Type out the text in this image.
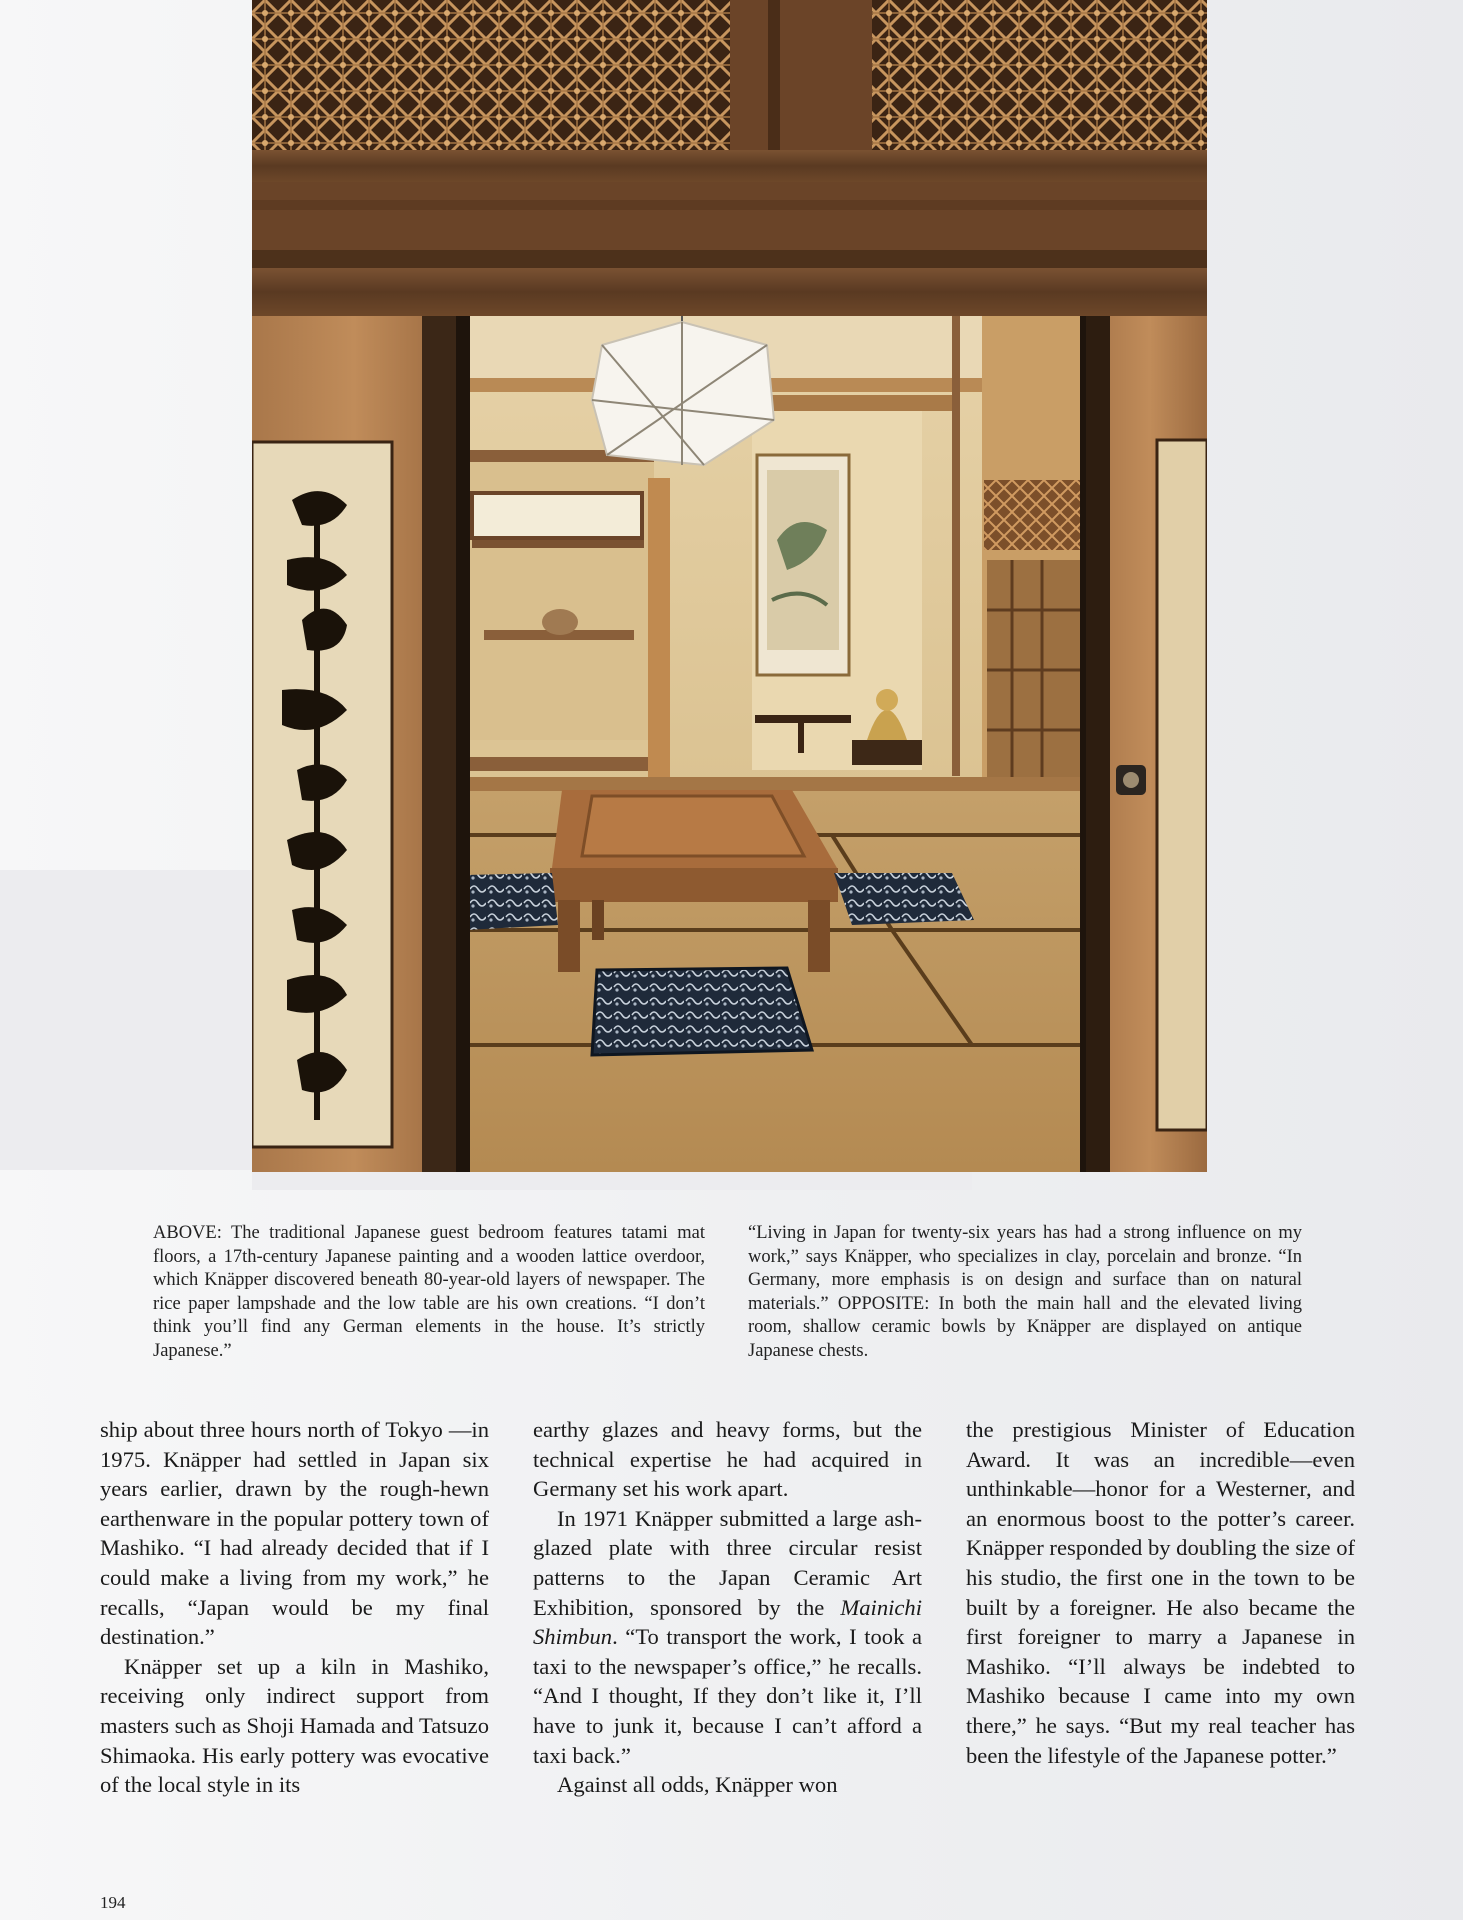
ABOVE: The traditional Japanese guest bedroom features tatami mat floors, a 17th-century Japanese painting and a wooden lattice overdoor, which Knäpper discovered beneath 80-year-old layers of newspaper. The rice paper lampshade and the low table are his own creations. “I don’t think you’ll find any German elements in the house. It’s strictly Japanese.”
“Living in Japan for twenty-six years has had a strong influence on my work,” says Knäpper, who specializes in clay, porcelain and bronze. “In Germany, more emphasis is on design and surface than on natural materials.” OPPOSITE: In both the main hall and the elevated living room, shallow ceramic bowls by Knäpper are displayed on antique Japanese chests.

ship about three hours north of Tokyo —in 1975. Knäpper had settled in Japan six years earlier, drawn by the rough-hewn earthenware in the popular pottery town of Mashiko. “I had already decided that if I could make a living from my work,” he recalls, “Japan would be my final destination.”

Knäpper set up a kiln in Mashiko, receiving only indirect support from masters such as Shoji Hamada and Tatsuzo Shimaoka. His early pottery was evocative of the local style in its

earthy glazes and heavy forms, but the technical expertise he had acquired in Germany set his work apart.

In 1971 Knäpper submitted a large ash-glazed plate with three circular resist patterns to the Japan Ceramic Art Exhibition, sponsored by the Mainichi Shimbun. “To transport the work, I took a taxi to the newspaper’s office,” he recalls. “And I thought, If they don’t like it, I’ll have to junk it, because I can’t afford a taxi back.”

Against all odds, Knäpper won

the prestigious Minister of Education Award. It was an incredible—even unthinkable—honor for a Westerner, and an enormous boost to the potter’s career. Knäpper responded by doubling the size of his studio, the first one in the town to be built by a foreigner. He also became the first foreigner to marry a Japanese in Mashiko. “I’ll always be indebted to Mashiko because I came into my own there,” he says. “But my real teacher has been the lifestyle of the Japanese potter.”

194
